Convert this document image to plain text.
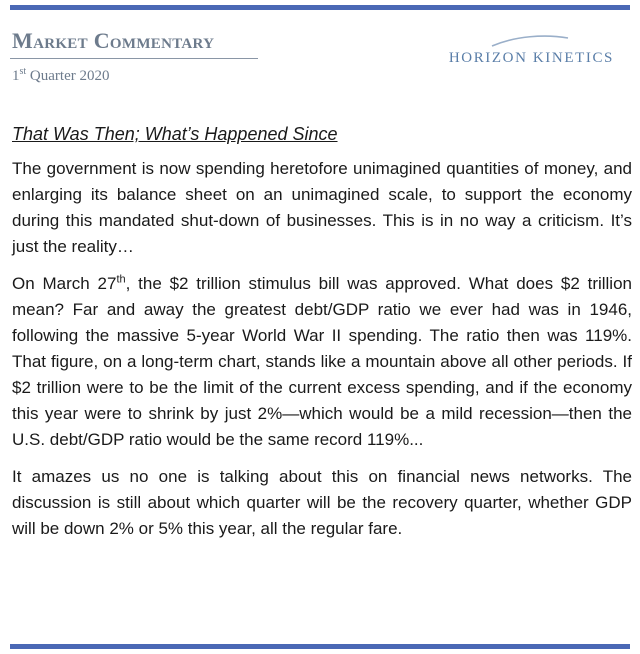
Market Commentary
1st Quarter 2020
HORIZON KINETICS

That Was Then; What’s Happened Since

The government is now spending heretofore unimagined quantities of money, and enlarging its balance sheet on an unimagined scale, to support the economy during this mandated shut-down of businesses. This is in no way a criticism. It’s just the reality…

On March 27th, the $2 trillion stimulus bill was approved. What does $2 trillion mean? Far and away the greatest debt/GDP ratio we ever had was in 1946, following the massive 5-year World War II spending. The ratio then was 119%. That figure, on a long-term chart, stands like a mountain above all other periods. If $2 trillion were to be the limit of the current excess spending, and if the economy this year were to shrink by just 2%—which would be a mild recession—then the U.S. debt/GDP ratio would be the same record 119%...

It amazes us no one is talking about this on financial news networks. The discussion is still about which quarter will be the recovery quarter, whether GDP will be down 2% or 5% this year, all the regular fare.
